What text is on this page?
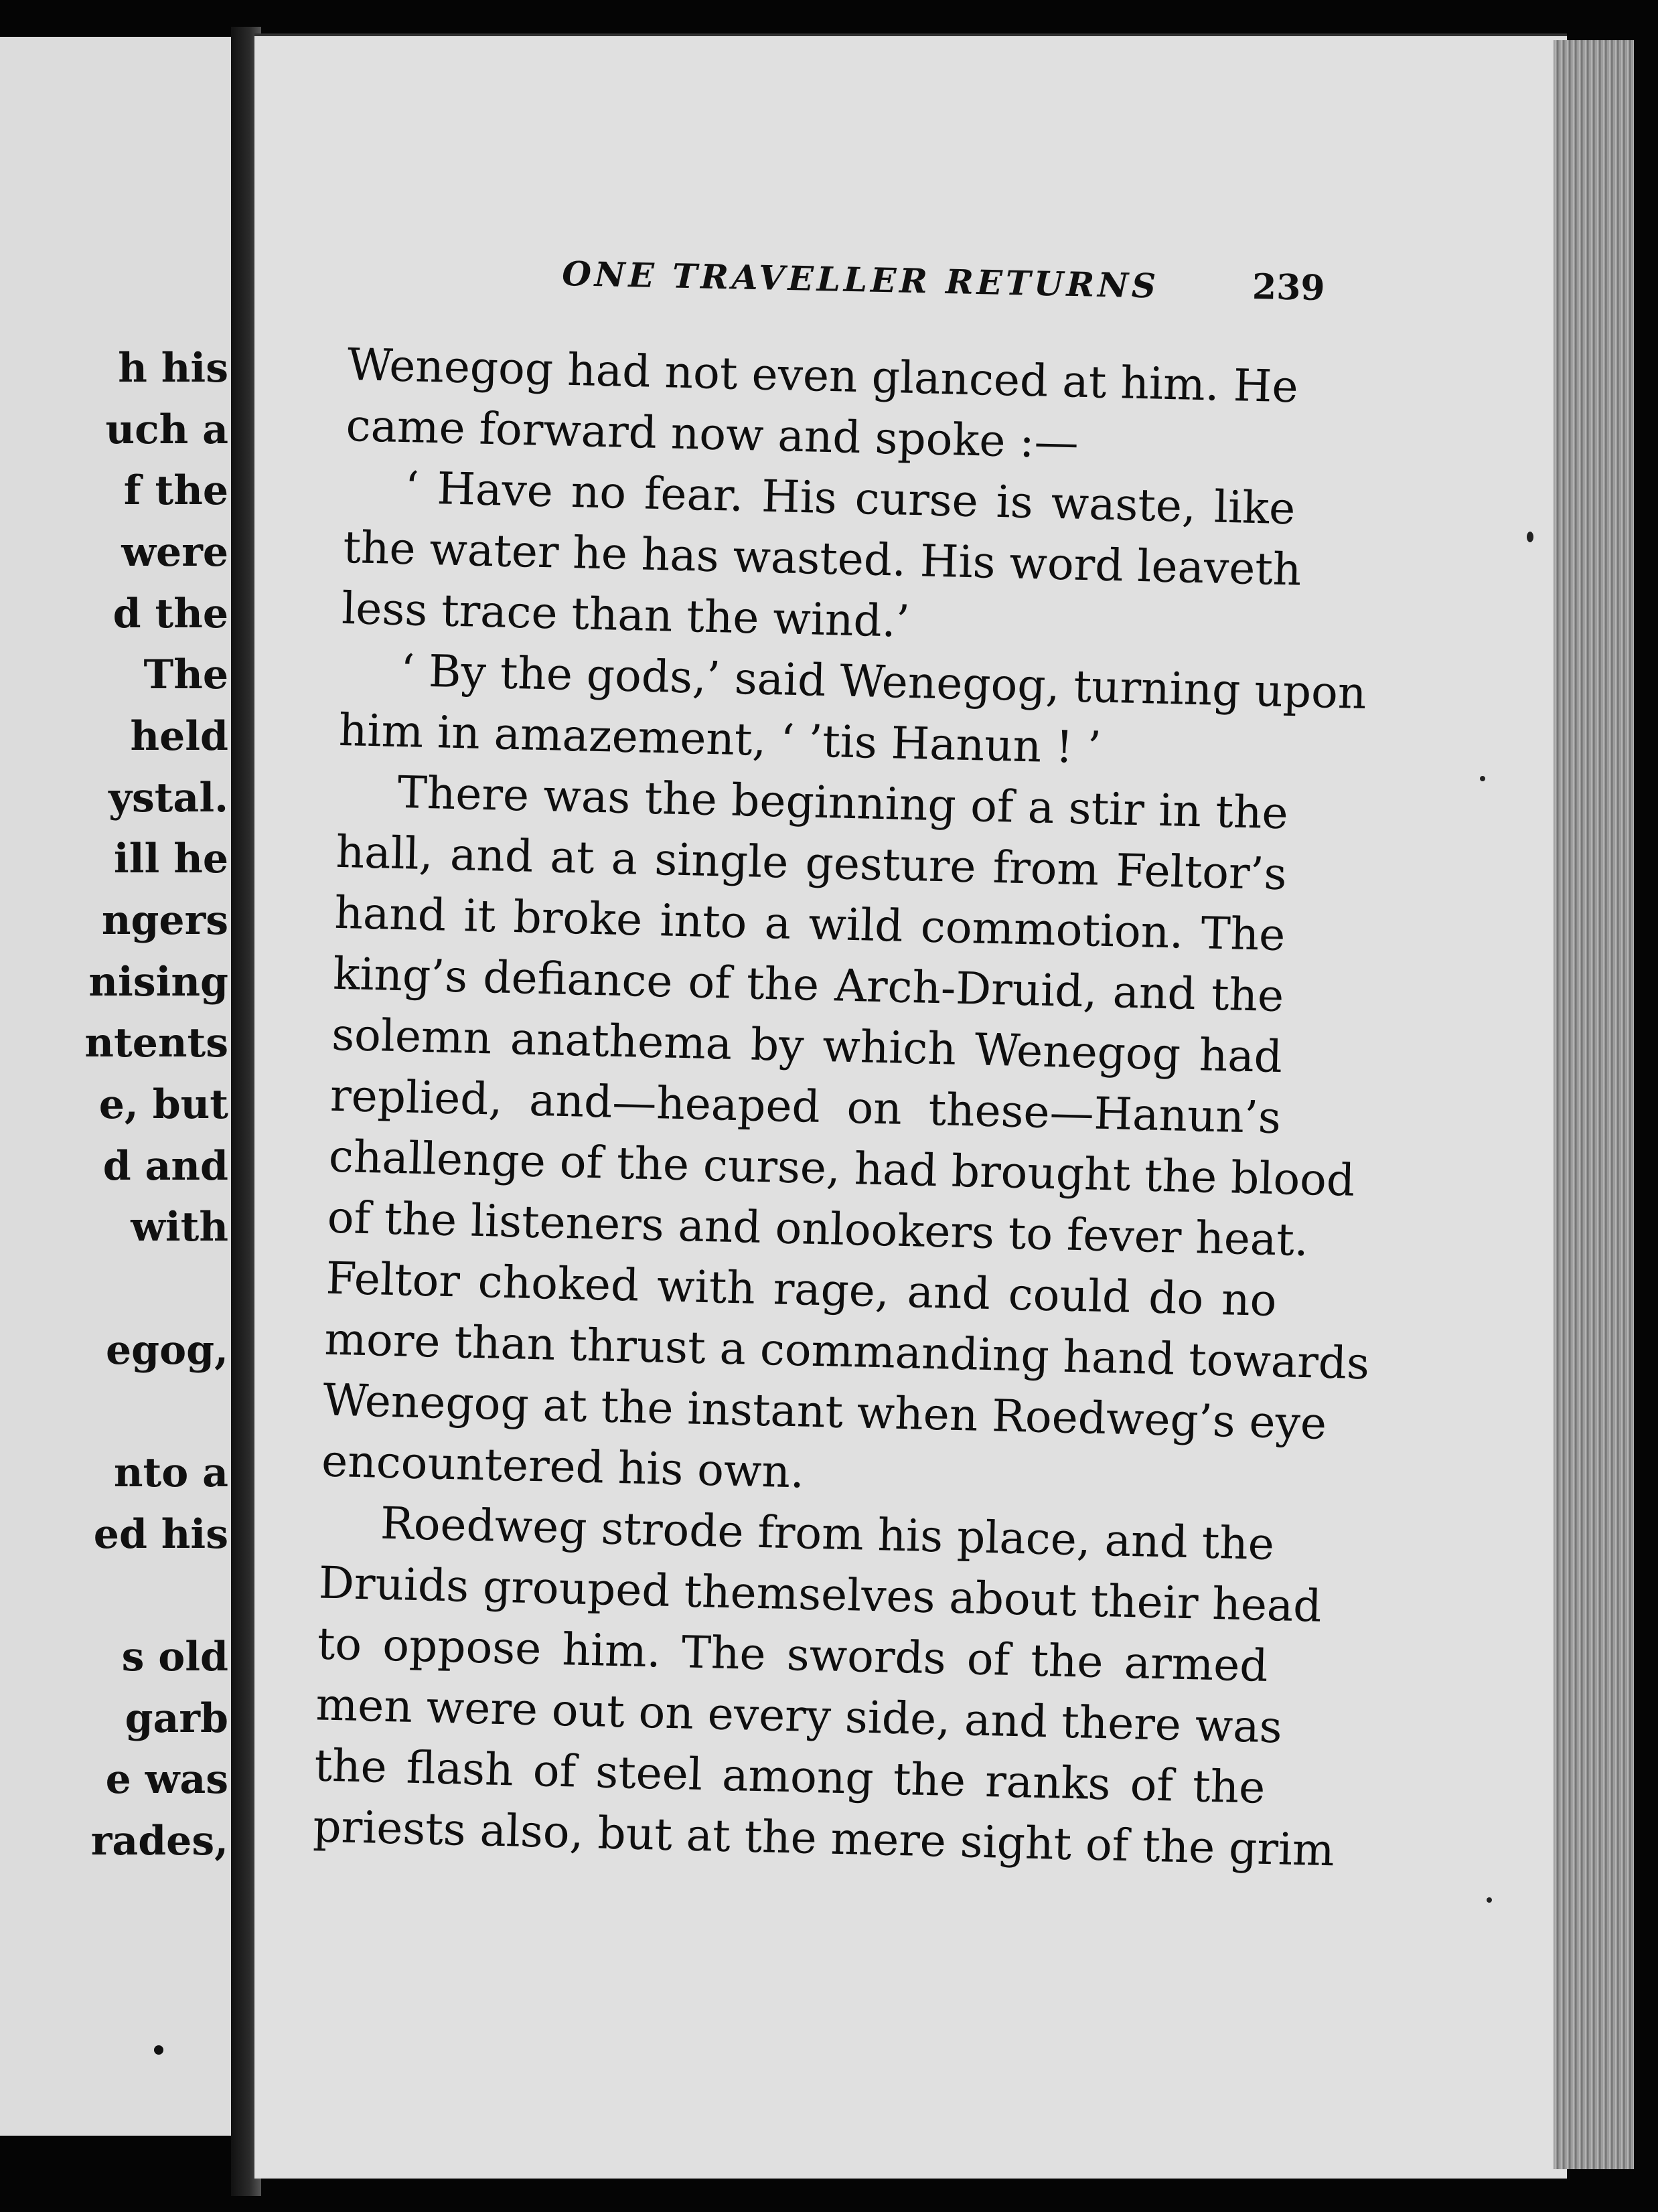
h his
uch a
f the
were
d the
The
held
ystal.
ill he
ngers
nising
ntents
e, but
d and
with
egog,
nto a
ed his
s old
garb
e was
rades,
ONE TRAVELLER RETURNS	239
Wenegog had not even glanced at him. He
came forward now and spoke :—
‘ Have no fear. His curse is waste, like
the water he has wasted. His word leaveth
less trace than the wind.’
‘ By the gods,’ said Wenegog, turning upon
him in amazement, ‘ ’tis Hanun ! ’
There was the beginning of a stir in the
hall, and at a single gesture from Feltor’s
hand it broke into a wild commotion. The
king’s defiance of the Arch-Druid, and the
solemn anathema by which Wenegog had
replied, and—heaped on these—Hanun’s
challenge of the curse, had brought the blood
of the listeners and onlookers to fever heat.
Feltor choked with rage, and could do no
more than thrust a commanding hand towards
Wenegog at the instant when Roedweg’s eye
encountered his own.
Roedweg strode from his place, and the
Druids grouped themselves about their head
to oppose him. The swords of the armed
men were out on every side, and there was
the flash of steel among the ranks of the
priests also, but at the mere sight of the grim
